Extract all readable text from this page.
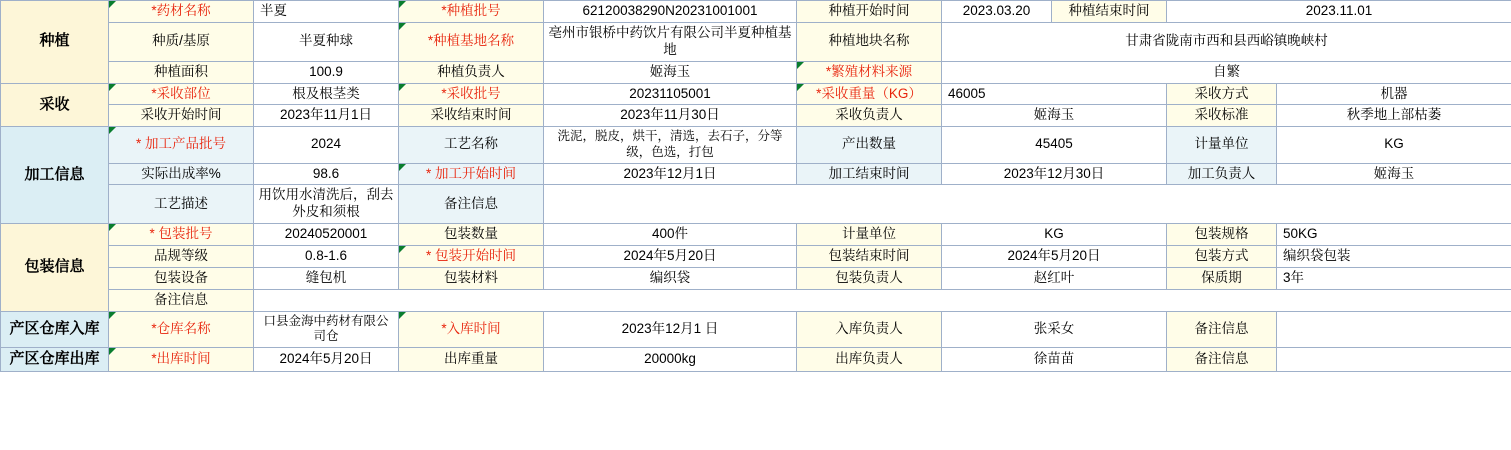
种植	*药材名称	半夏	*种植批号	62120038290N20231001001	种植开始时间	2023.03.20	种植结束时间	2023.11.01	
	种质/基原	半夏种球	*种植基地名称	亳州市银桥中药饮片有限公司半夏种植基地	种植地块名称	甘肃省陇南市西和县西峪镇晚峡村			
	种植面积	100.9	种植负责人	姬海玉	*繁殖材料来源	自繁			
采收	*采收部位	根及根茎类	*采收批号	20231105001	*采收重量（KG）	46005		采收方式	机器
	采收开始时间	2023年11月1日	采收结束时间	2023年11月30日	采收负责人	姬海玉		采收标准	秋季地上部枯萎
加工信息	* 加工产品批号	2024	工艺名称	洗泥，脱皮，烘干，清选，去石子，分等级，色选，打包	产出数量	45405		计量单位	KG
	实际出成率%	98.6	* 加工开始时间	2023年12月1日	加工结束时间	2023年12月30日		加工负责人	姬海玉
	工艺描述	用饮用水清洗后，刮去外皮和须根	备注信息						
包装信息	* 包装批号	20240520001	包装数量	400件	计量单位	KG		包装规格	50KG
	品规等级	0.8-1.6	* 包装开始时间	2024年5月20日	包装结束时间	2024年5月20日		包装方式	编织袋包装
	包装设备	缝包机	包装材料	编织袋	包装负责人	赵红叶		保质期	3年
	备注信息								
产区仓库入库	*仓库名称	口县金海中药材有限公司仓	*入库时间	2023年12月1 日	入库负责人	张采女		备注信息	
产区仓库出库	*出库时间	2024年5月20日	出库重量	20000kg	出库负责人	徐苗苗		备注信息	
